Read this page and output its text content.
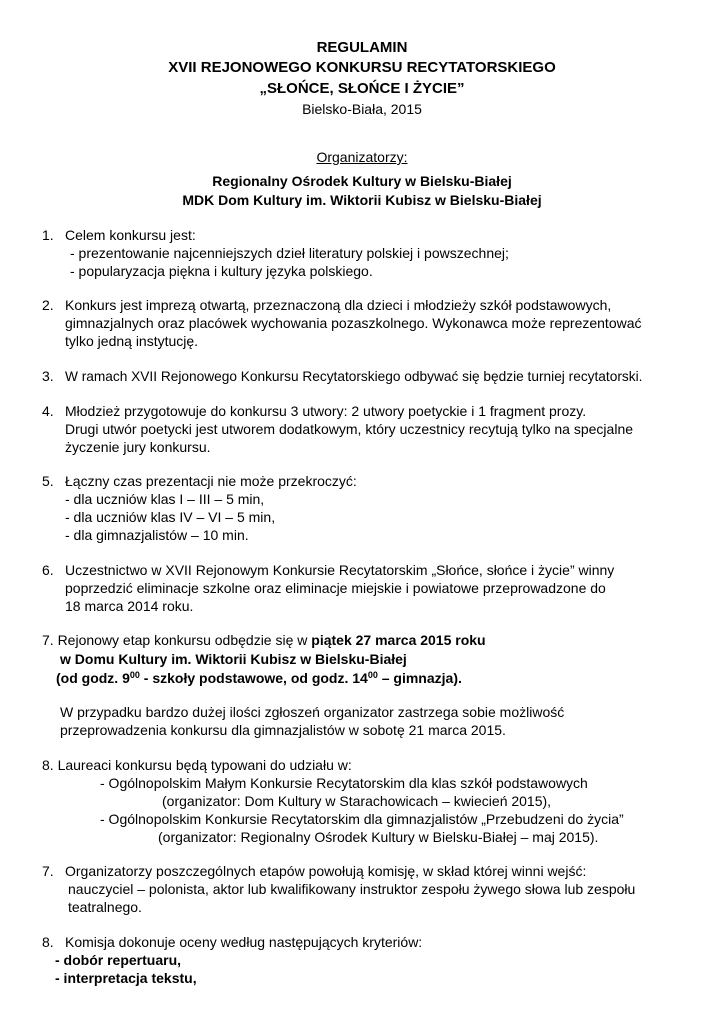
REGULAMIN
XVII REJONOWEGO KONKURSU RECYTATORSKIEGO
„SŁOŃCE, SŁOŃCE I ŻYCIE”
Bielsko-Biała, 2015
Organizatorzy:
Regionalny Ośrodek Kultury w Bielsku-Białej
MDK Dom Kultury im. Wiktorii Kubisz w Bielsku-Białej
1. Celem konkursu jest:
- prezentowanie najcenniejszych dzieł literatury polskiej i powszechnej;
- popularyzacja piękna i kultury języka polskiego.
2. Konkurs jest imprezą otwartą, przeznaczoną dla dzieci i młodzieży szkół podstawowych,
gimnazjalnych oraz placówek wychowania pozaszkolnego. Wykonawca może reprezentować
tylko jedną instytucję.
3. W ramach XVII Rejonowego Konkursu Recytatorskiego odbywać się będzie turniej recytatorski.
4. Młodzież przygotowuje do konkursu 3 utwory: 2 utwory poetyckie i 1 fragment prozy.
Drugi utwór poetycki jest utworem dodatkowym, który uczestnicy recytują tylko na specjalne
życzenie jury konkursu.
5. Łączny czas prezentacji nie może przekroczyć:
- dla uczniów klas I – III – 5 min,
- dla uczniów klas IV – VI – 5 min,
- dla gimnazjalistów – 10 min.
6. Uczestnictwo w XVII Rejonowym Konkursie Recytatorskim „Słońce, słońce i życie” winny
poprzedzić eliminacje szkolne oraz eliminacje miejskie i powiatowe przeprowadzone do
18 marca 2014 roku.
7. Rejonowy etap konkursu odbędzie się w piątek 27 marca 2015 roku
w Domu Kultury im. Wiktorii Kubisz w Bielsku-Białej
(od godz. $9^{00}$ - szkoły podstawowe, od godz. $14^{00}$ – gimnazja).
W przypadku bardzo dużej ilości zgłoszeń organizator zastrzega sobie możliwość
przeprowadzenia konkursu dla gimnazjalistów w sobotę 21 marca 2015.
8. Laureaci konkursu będą typowani do udziału w:
- Ogólnopolskim Małym Konkursie Recytatorskim dla klas szkół podstawowych
(organizator: Dom Kultury w Starachowicach – kwiecień 2015),
- Ogólnopolskim Konkursie Recytatorskim dla gimnazjalistów „Przebudzeni do życia”
(organizator: Regionalny Ośrodek Kultury w Bielsku-Białej – maj 2015).
7. Organizatorzy poszczególnych etapów powołują komisję, w skład której winni wejść:
nauczyciel – polonista, aktor lub kwalifikowany instruktor zespołu żywego słowa lub zespołu
teatralnego.
8. Komisja dokonuje oceny według następujących kryteriów:
- dobór repertuaru,
- interpretacja tekstu,
